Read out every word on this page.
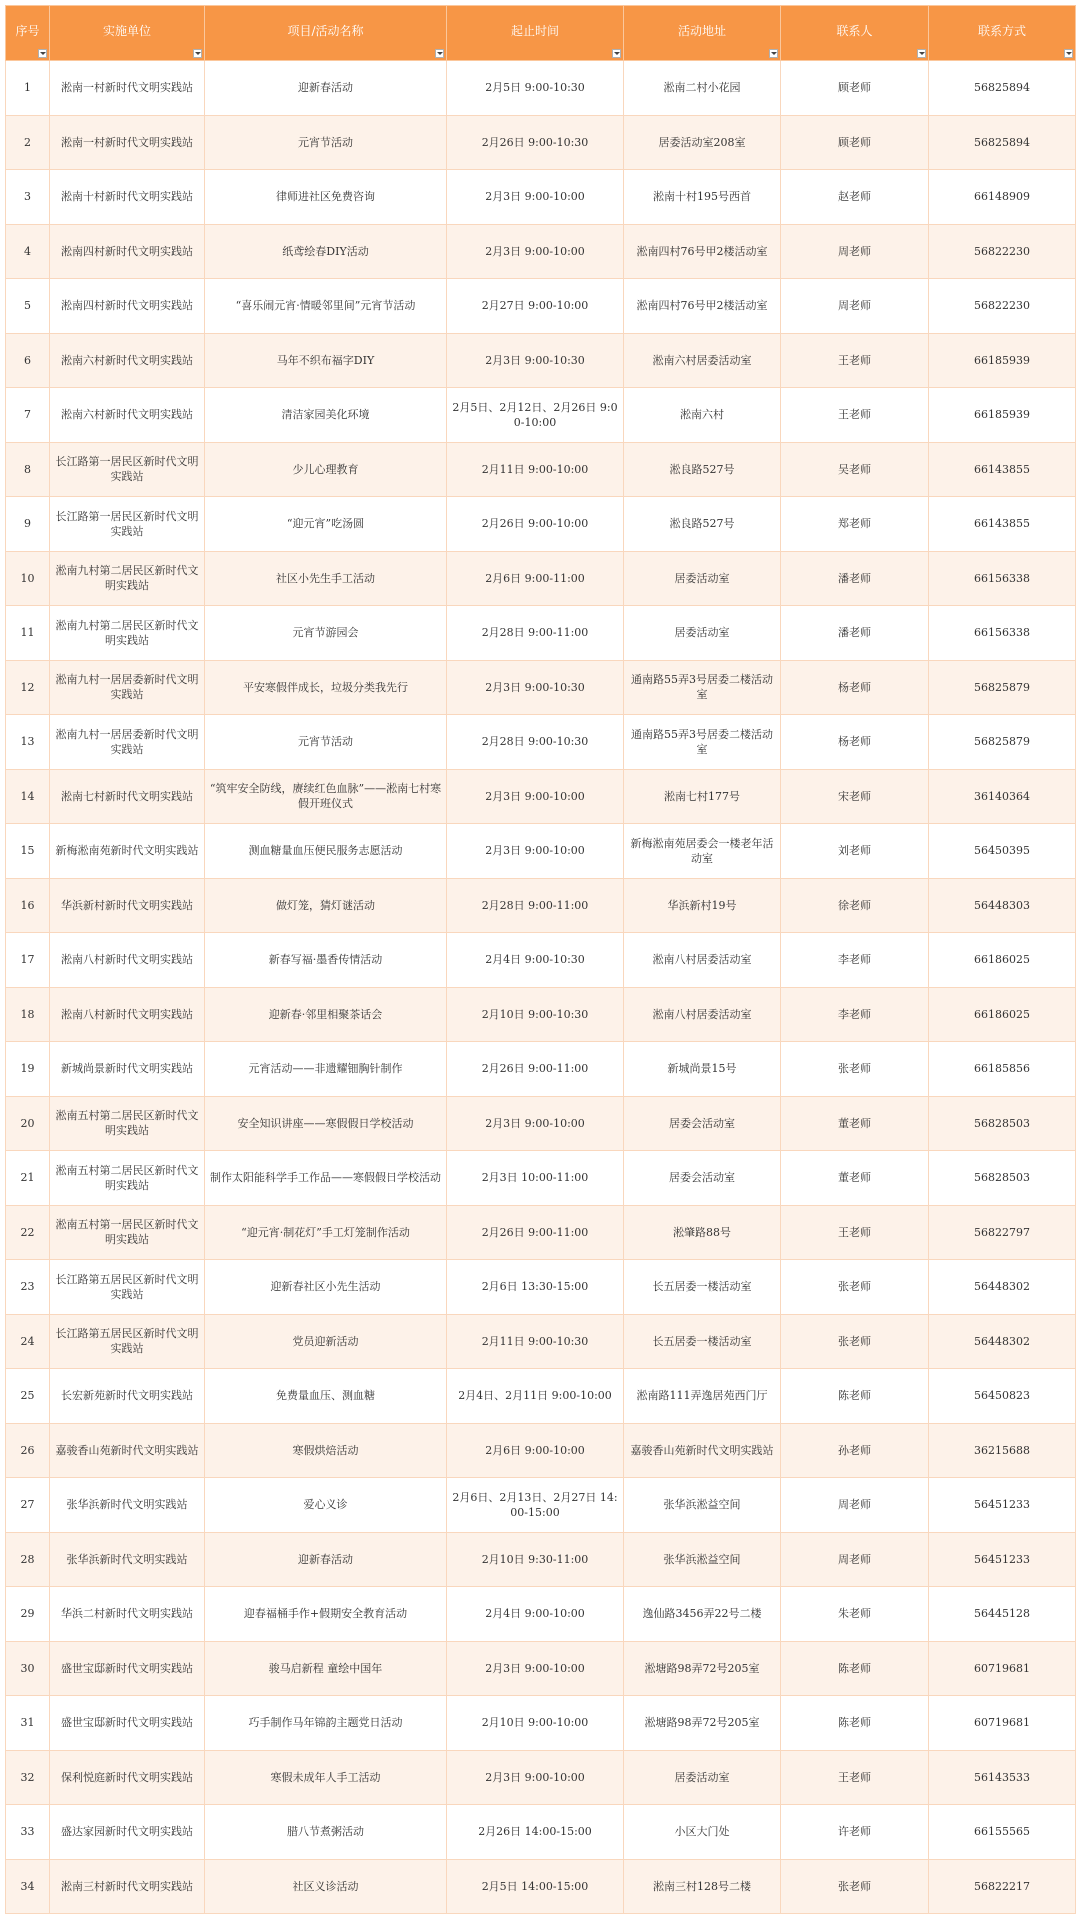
序号	实施单位	项目/活动名称	起止时间	活动地址	联系人	联系方式

1	淞南一村新时代文明实践站	迎新春活动	2月5日 9:00-10:30	淞南二村小花园	顾老师	56825894
2	淞南一村新时代文明实践站	元宵节活动	2月26日 9:00-10:30	居委活动室208室	顾老师	56825894
3	淞南十村新时代文明实践站	律师进社区免费咨询	2月3日 9:00-10:00	淞南十村195号西首	赵老师	66148909
4	淞南四村新时代文明实践站	纸鸢绘春DIY活动	2月3日 9:00-10:00	淞南四村76号甲2楼活动室	周老师	56822230
5	淞南四村新时代文明实践站	“喜乐闹元宵·情暖邻里间”元宵节活动	2月27日 9:00-10:00	淞南四村76号甲2楼活动室	周老师	56822230
6	淞南六村新时代文明实践站	马年不织布福字DIY	2月3日 9:00-10:30	淞南六村居委活动室	王老师	66185939
7	淞南六村新时代文明实践站	清洁家园美化环境	2月5日、2月12日、2月26日 9:00-10:00	淞南六村	王老师	66185939
8	长江路第一居民区新时代文明实践站	少儿心理教育	2月11日 9:00-10:00	淞良路527号	吴老师	66143855
9	长江路第一居民区新时代文明实践站	“迎元宵”吃汤圆	2月26日 9:00-10:00	淞良路527号	郑老师	66143855
10	淞南九村第二居民区新时代文明实践站	社区小先生手工活动	2月6日 9:00-11:00	居委活动室	潘老师	66156338
11	淞南九村第二居民区新时代文明实践站	元宵节游园会	2月28日 9:00-11:00	居委活动室	潘老师	66156338
12	淞南九村一居居委新时代文明实践站	平安寒假伴成长，垃圾分类我先行	2月3日 9:00-10:30	通南路55弄3号居委二楼活动室	杨老师	56825879
13	淞南九村一居居委新时代文明实践站	元宵节活动	2月28日 9:00-10:30	通南路55弄3号居委二楼活动室	杨老师	56825879
14	淞南七村新时代文明实践站	“筑牢安全防线，赓续红色血脉”——淞南七村寒假开班仪式	2月3日 9:00-10:00	淞南七村177号	宋老师	36140364
15	新梅淞南苑新时代文明实践站	测血糖量血压便民服务志愿活动	2月3日 9:00-10:00	新梅淞南苑居委会一楼老年活动室	刘老师	56450395
16	华浜新村新时代文明实践站	做灯笼，猜灯谜活动	2月28日 9:00-11:00	华浜新村19号	徐老师	56448303
17	淞南八村新时代文明实践站	新春写福·墨香传情活动	2月4日 9:00-10:30	淞南八村居委活动室	李老师	66186025
18	淞南八村新时代文明实践站	迎新春·邻里相聚茶话会	2月10日 9:00-10:30	淞南八村居委活动室	李老师	66186025
19	新城尚景新时代文明实践站	元宵活动——非遗耀钿胸针制作	2月26日 9:00-11:00	新城尚景15号	张老师	66185856
20	淞南五村第二居民区新时代文明实践站	安全知识讲座——寒假假日学校活动	2月3日 9:00-10:00	居委会活动室	董老师	56828503
21	淞南五村第二居民区新时代文明实践站	制作太阳能科学手工作品——寒假假日学校活动	2月3日 10:00-11:00	居委会活动室	董老师	56828503
22	淞南五村第一居民区新时代文明实践站	“迎元宵·制花灯”手工灯笼制作活动	2月26日 9:00-11:00	淞肇路88号	王老师	56822797
23	长江路第五居民区新时代文明实践站	迎新春社区小先生活动	2月6日 13:30-15:00	长五居委一楼活动室	张老师	56448302
24	长江路第五居民区新时代文明实践站	党员迎新活动	2月11日 9:00-10:30	长五居委一楼活动室	张老师	56448302
25	长宏新苑新时代文明实践站	免费量血压、测血糖	2月4日、2月11日 9:00-10:00	淞南路111弄逸居苑西门厅	陈老师	56450823
26	嘉骏香山苑新时代文明实践站	寒假烘焙活动	2月6日 9:00-10:00	嘉骏香山苑新时代文明实践站	孙老师	36215688
27	张华浜新时代文明实践站	爱心义诊	2月6日、2月13日、2月27日 14:00-15:00	张华浜淞益空间	周老师	56451233
28	张华浜新时代文明实践站	迎新春活动	2月10日 9:30-11:00	张华浜淞益空间	周老师	56451233
29	华浜二村新时代文明实践站	迎春福桶手作+假期安全教育活动	2月4日 9:00-10:00	逸仙路3456弄22号二楼	朱老师	56445128
30	盛世宝邸新时代文明实践站	骏马启新程 童绘中国年	2月3日 9:00-10:00	淞塘路98弄72号205室	陈老师	60719681
31	盛世宝邸新时代文明实践站	巧手制作马年锦韵主题党日活动	2月10日 9:00-10:00	淞塘路98弄72号205室	陈老师	60719681
32	保利悦庭新时代文明实践站	寒假未成年人手工活动	2月3日 9:00-10:00	居委活动室	王老师	56143533
33	盛达家园新时代文明实践站	腊八节煮粥活动	2月26日 14:00-15:00	小区大门处	许老师	66155565
34	淞南三村新时代文明实践站	社区义诊活动	2月5日 14:00-15:00	淞南三村128号二楼	张老师	56822217
